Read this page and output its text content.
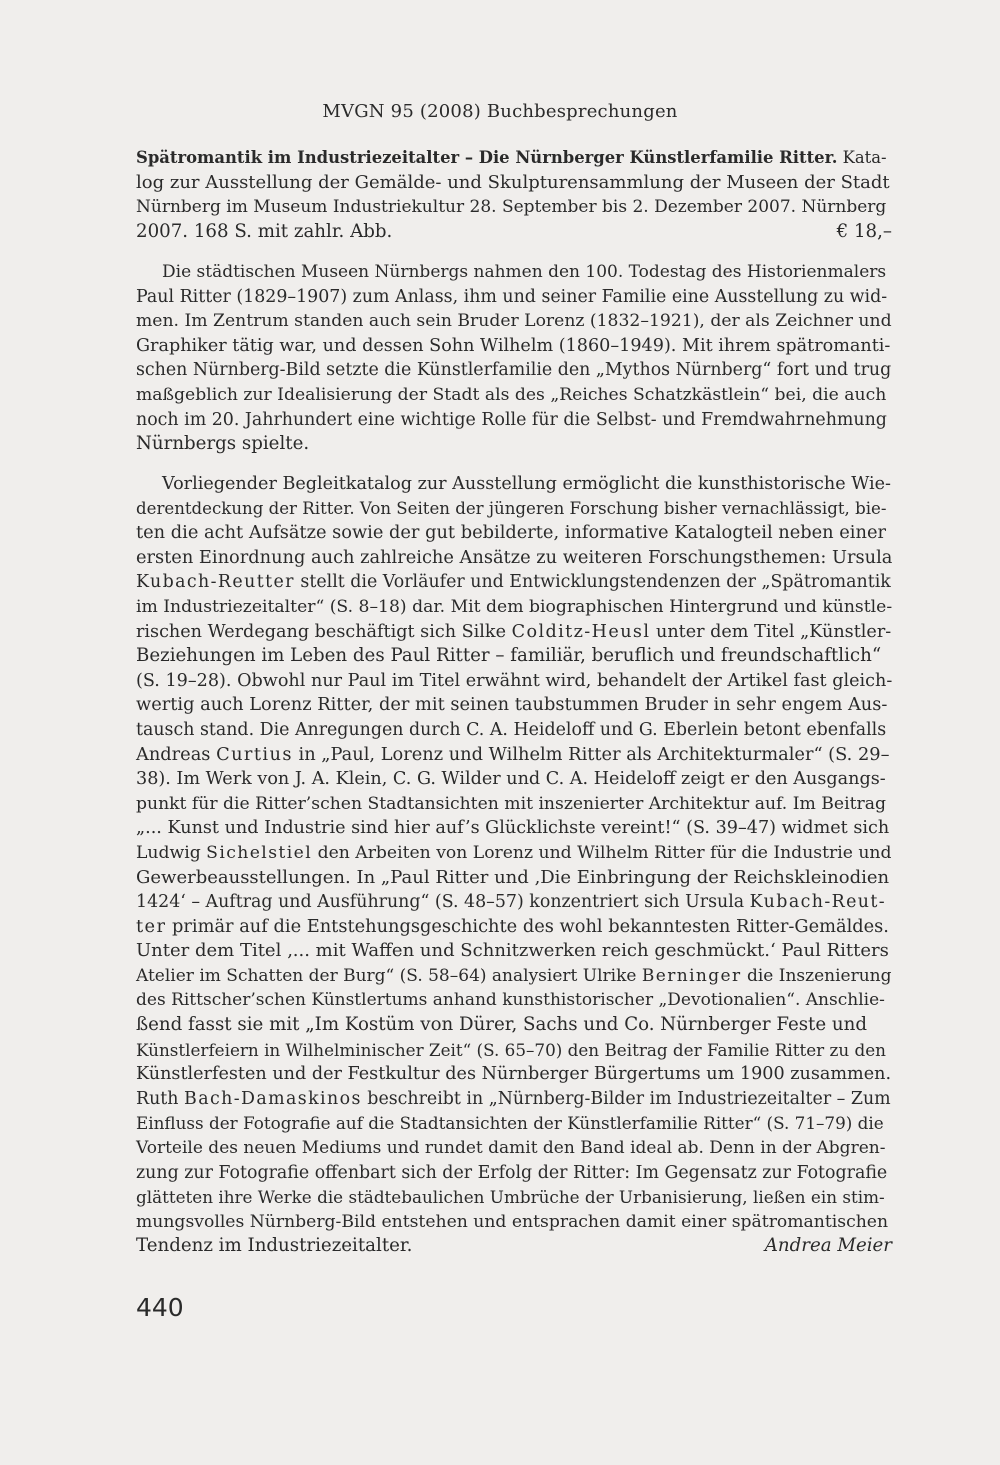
MVGN 95 (2008) Buchbesprechungen
Spätromantik im Industriezeitalter – Die Nürnberger Künstlerfamilie Ritter. Kata-
log zur Ausstellung der Gemälde- und Skulpturensammlung der Museen der Stadt
Nürnberg im Museum Industriekultur 28. September bis 2. Dezember 2007. Nürnberg
2007. 168 S. mit zahlr. Abb.	€ 18,–
Die städtischen Museen Nürnbergs nahmen den 100. Todestag des Historienmalers
Paul Ritter (1829–1907) zum Anlass, ihm und seiner Familie eine Ausstellung zu wid-
men. Im Zentrum standen auch sein Bruder Lorenz (1832–1921), der als Zeichner und
Graphiker tätig war, und dessen Sohn Wilhelm (1860–1949). Mit ihrem spätromanti-
schen Nürnberg-Bild setzte die Künstlerfamilie den „Mythos Nürnberg“ fort und trug
maßgeblich zur Idealisierung der Stadt als des „Reiches Schatzkästlein“ bei, die auch
noch im 20. Jahrhundert eine wichtige Rolle für die Selbst- und Fremdwahrnehmung
Nürnbergs spielte.
Vorliegender Begleitkatalog zur Ausstellung ermöglicht die kunsthistorische Wie-
derentdeckung der Ritter. Von Seiten der jüngeren Forschung bisher vernachlässigt, bie-
ten die acht Aufsätze sowie der gut bebilderte, informative Katalogteil neben einer
ersten Einordnung auch zahlreiche Ansätze zu weiteren Forschungsthemen: Ursula
Kubach-Reutter stellt die Vorläufer und Entwicklungstendenzen der „Spätromantik
im Industriezeitalter“ (S. 8–18) dar. Mit dem biographischen Hintergrund und künstle-
rischen Werdegang beschäftigt sich Silke Colditz-Heusl unter dem Titel „Künstler-
Beziehungen im Leben des Paul Ritter – familiär, beruflich und freundschaftlich“
(S. 19–28). Obwohl nur Paul im Titel erwähnt wird, behandelt der Artikel fast gleich-
wertig auch Lorenz Ritter, der mit seinen taubstummen Bruder in sehr engem Aus-
tausch stand. Die Anregungen durch C. A. Heideloff und G. Eberlein betont ebenfalls
Andreas Curtius in „Paul, Lorenz und Wilhelm Ritter als Architekturmaler“ (S. 29–
38). Im Werk von J. A. Klein, C. G. Wilder und C. A. Heideloff zeigt er den Ausgangs-
punkt für die Ritter’schen Stadtansichten mit inszenierter Architektur auf. Im Beitrag
„... Kunst und Industrie sind hier auf’s Glücklichste vereint!“ (S. 39–47) widmet sich
Ludwig Sichelstiel den Arbeiten von Lorenz und Wilhelm Ritter für die Industrie und
Gewerbeausstellungen. In „Paul Ritter und ‚Die Einbringung der Reichskleinodien
1424‘ – Auftrag und Ausführung“ (S. 48–57) konzentriert sich Ursula Kubach-Reut-
ter primär auf die Entstehungsgeschichte des wohl bekanntesten Ritter-Gemäldes.
Unter dem Titel ‚... mit Waffen und Schnitzwerken reich geschmückt.‘ Paul Ritters
Atelier im Schatten der Burg“ (S. 58–64) analysiert Ulrike Berninger die Inszenierung
des Rittscher’schen Künstlertums anhand kunsthistorischer „Devotionalien“. Anschlie-
ßend fasst sie mit „Im Kostüm von Dürer, Sachs und Co. Nürnberger Feste und
Künstlerfeiern in Wilhelminischer Zeit“ (S. 65–70) den Beitrag der Familie Ritter zu den
Künstlerfesten und der Festkultur des Nürnberger Bürgertums um 1900 zusammen.
Ruth Bach-Damaskinos beschreibt in „Nürnberg-Bilder im Industriezeitalter – Zum
Einfluss der Fotografie auf die Stadtansichten der Künstlerfamilie Ritter“ (S. 71–79) die
Vorteile des neuen Mediums und rundet damit den Band ideal ab. Denn in der Abgren-
zung zur Fotografie offenbart sich der Erfolg der Ritter: Im Gegensatz zur Fotografie
glätteten ihre Werke die städtebaulichen Umbrüche der Urbanisierung, ließen ein stim-
mungsvolles Nürnberg-Bild entstehen und entsprachen damit einer spätromantischen
Tendenz im Industriezeitalter.	Andrea Meier
440
